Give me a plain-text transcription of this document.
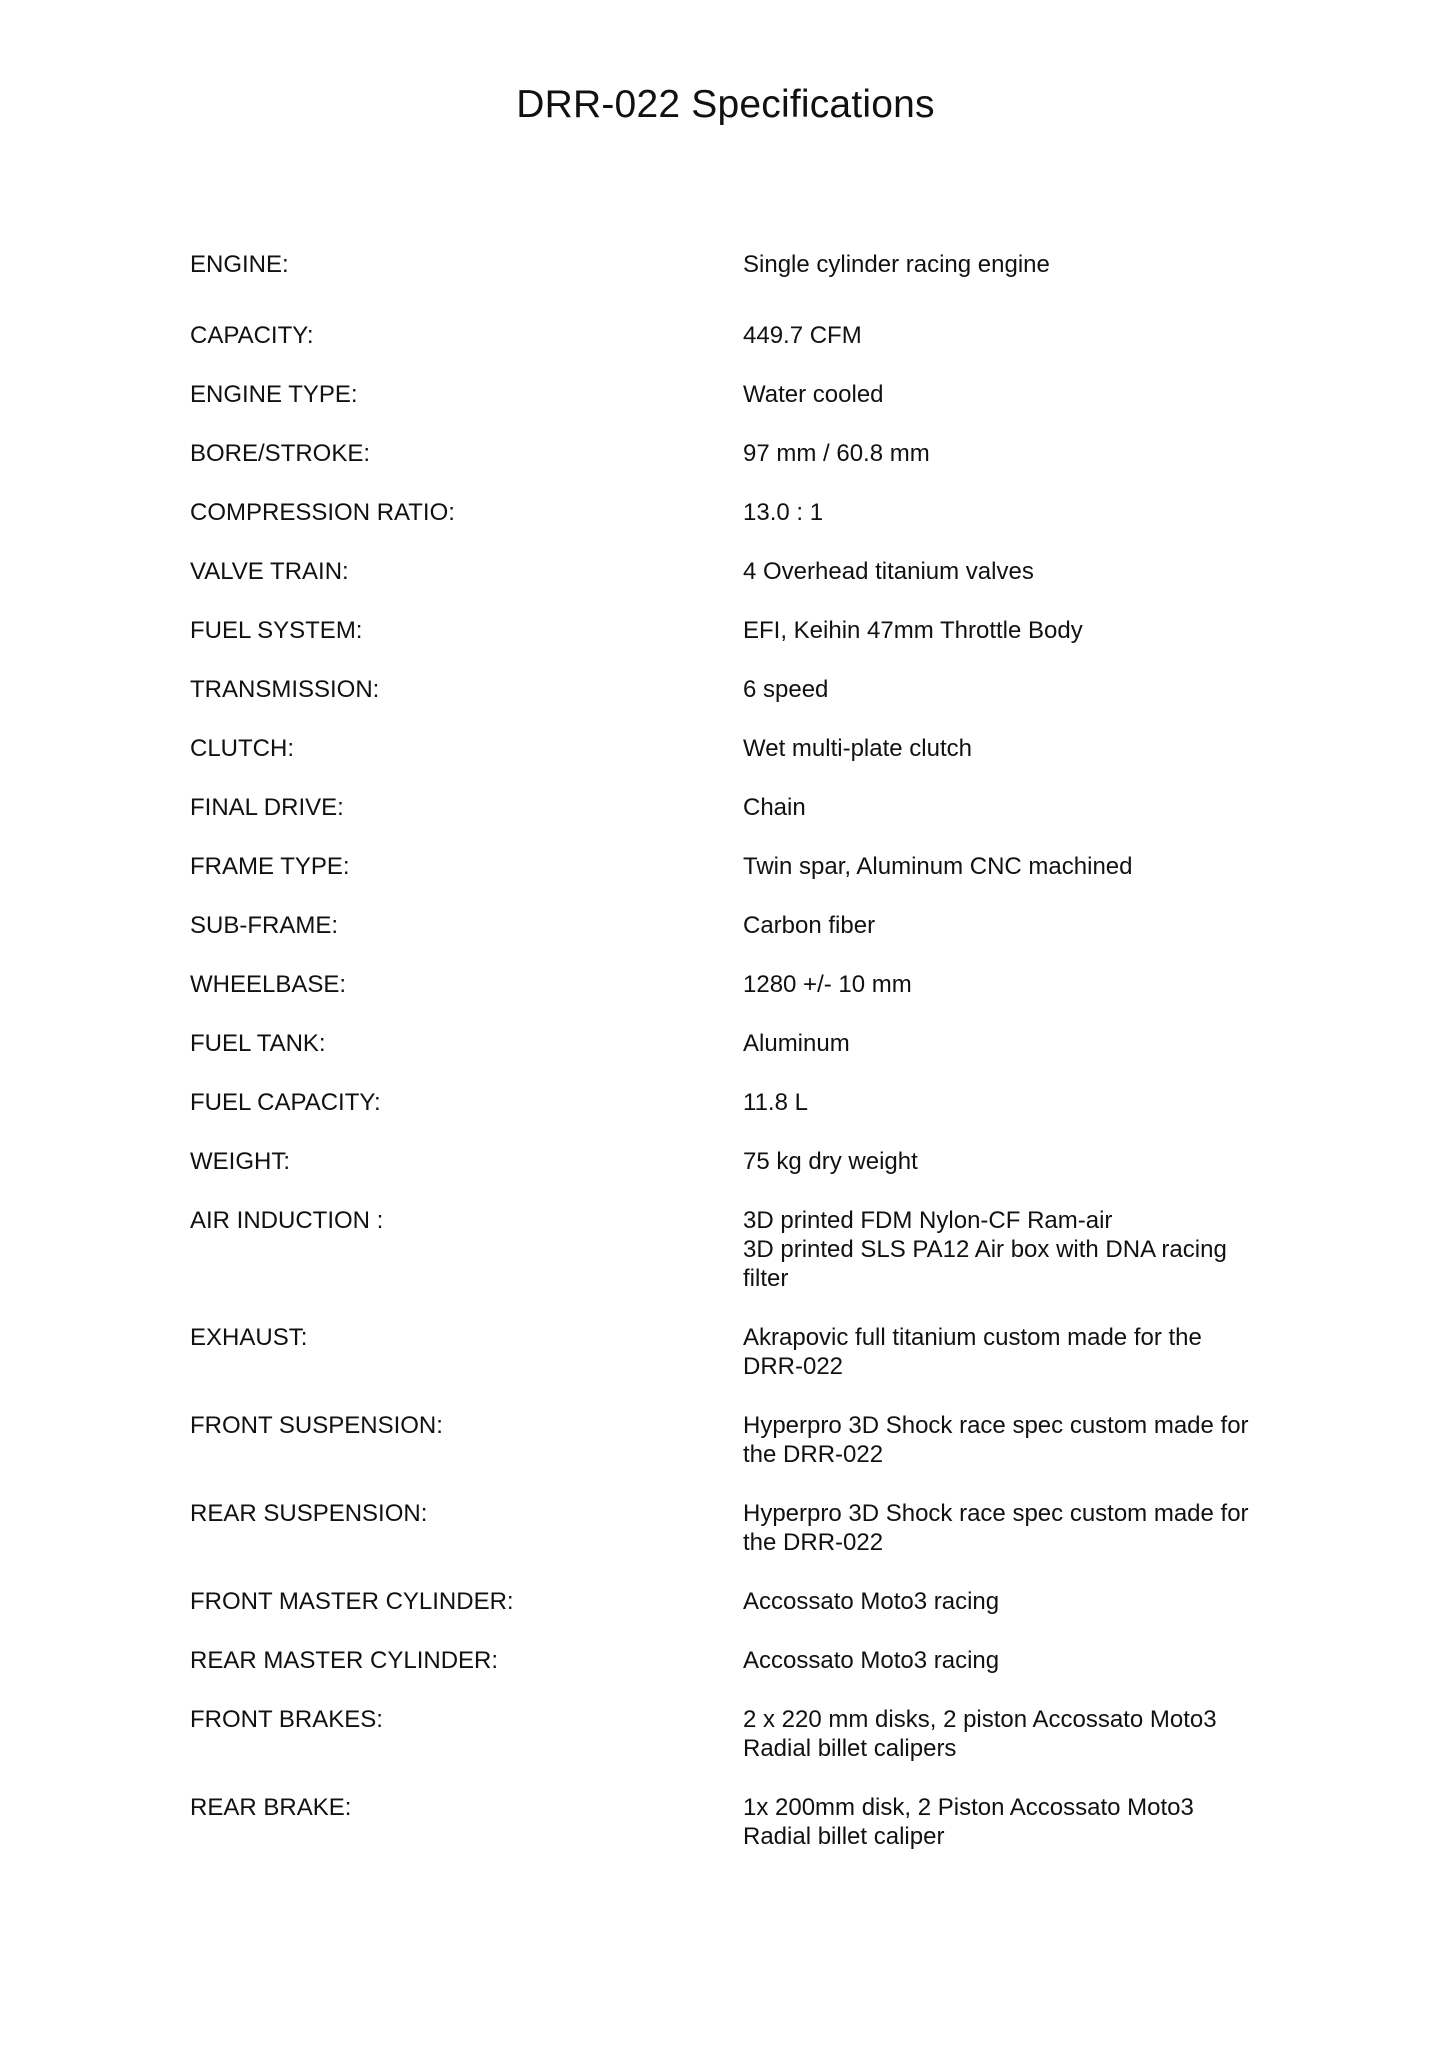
DRR-022 Specifications
ENGINE:	Single cylinder racing engine
CAPACITY:	449.7 CFM
ENGINE TYPE:	Water cooled
BORE/STROKE:	97 mm / 60.8 mm
COMPRESSION RATIO:	13.0 : 1
VALVE TRAIN:	4 Overhead titanium valves
FUEL SYSTEM:	EFI, Keihin 47mm Throttle Body
TRANSMISSION:	6 speed
CLUTCH:	Wet multi-plate clutch
FINAL DRIVE:	Chain
FRAME TYPE:	Twin spar, Aluminum CNC machined
SUB-FRAME:	Carbon fiber
WHEELBASE:	1280 +/- 10 mm
FUEL TANK:	Aluminum
FUEL CAPACITY:	11.8 L
WEIGHT:	75 kg dry weight
AIR INDUCTION :	3D printed FDM Nylon-CF Ram-air
3D printed SLS PA12 Air box with DNA racing
filter
EXHAUST:	Akrapovic full titanium custom made for the
DRR-022
FRONT SUSPENSION:	Hyperpro 3D Shock race spec custom made for
the DRR-022
REAR SUSPENSION:	Hyperpro 3D Shock race spec custom made for
the DRR-022
FRONT MASTER CYLINDER:	Accossato Moto3 racing
REAR MASTER CYLINDER:	Accossato Moto3 racing
FRONT BRAKES:	2 x 220 mm disks, 2 piston Accossato Moto3
Radial billet calipers
REAR BRAKE:	1x 200mm disk, 2 Piston Accossato Moto3
Radial billet caliper
